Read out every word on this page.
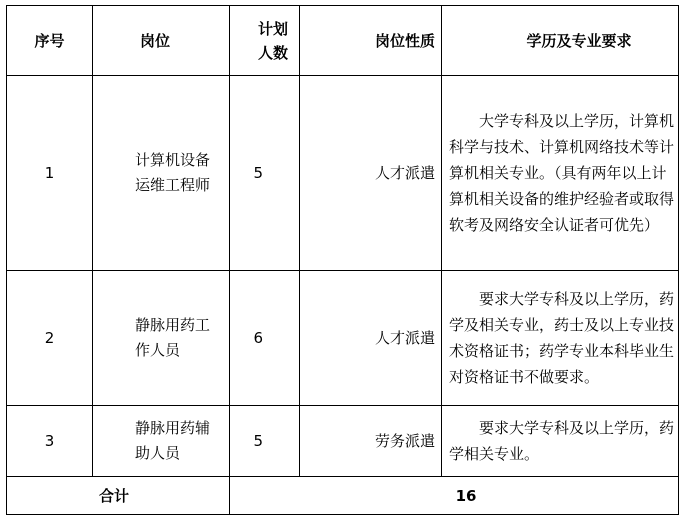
序号	岗位	计划人数	岗位性质	学历及专业要求
1	计算机设备运维工程师	5	人才派遣	大学专科及以上学历，计算机科学与技术、计算机网络技术等计算机相关专业。（具有两年以上计算机相关设备的维护经验者或取得软考及网络安全认证者可优先）
2	静脉用药工作人员	6	人才派遣	要求大学专科及以上学历，药学及相关专业，药士及以上专业技术资格证书；药学专业本科毕业生对资格证书不做要求。
3	静脉用药辅助人员	5	劳务派遣	要求大学专科及以上学历，药学相关专业。
合计		16		
